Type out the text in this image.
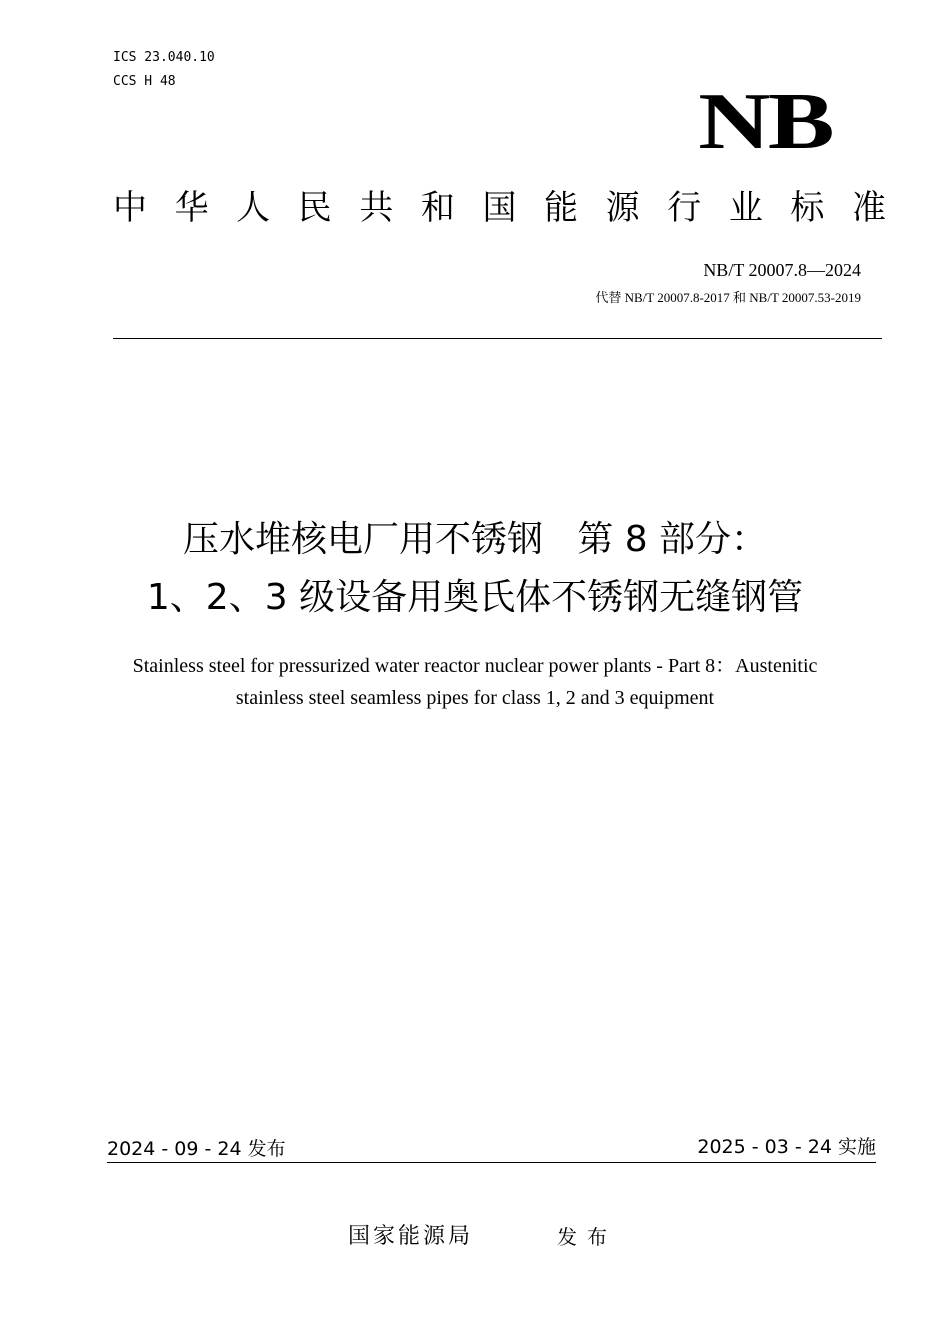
ICS 23.040.10
CCS H 48	NB
中华人民共和国能源行业标准
NB/T 20007.8—2024
代替 NB/T 20007.8-2017 和 NB/T 20007.53-2019
压水堆核电厂用不锈钢   第 8 部分：
1、2、3 级设备用奥氏体不锈钢无缝钢管
Stainless steel for pressurized water reactor nuclear power plants - Part 8：Austenitic
stainless steel seamless pipes for class 1, 2 and 3 equipment
2024 - 09 - 24 发布	2025 - 03 - 24 实施
国家能源局	发布
